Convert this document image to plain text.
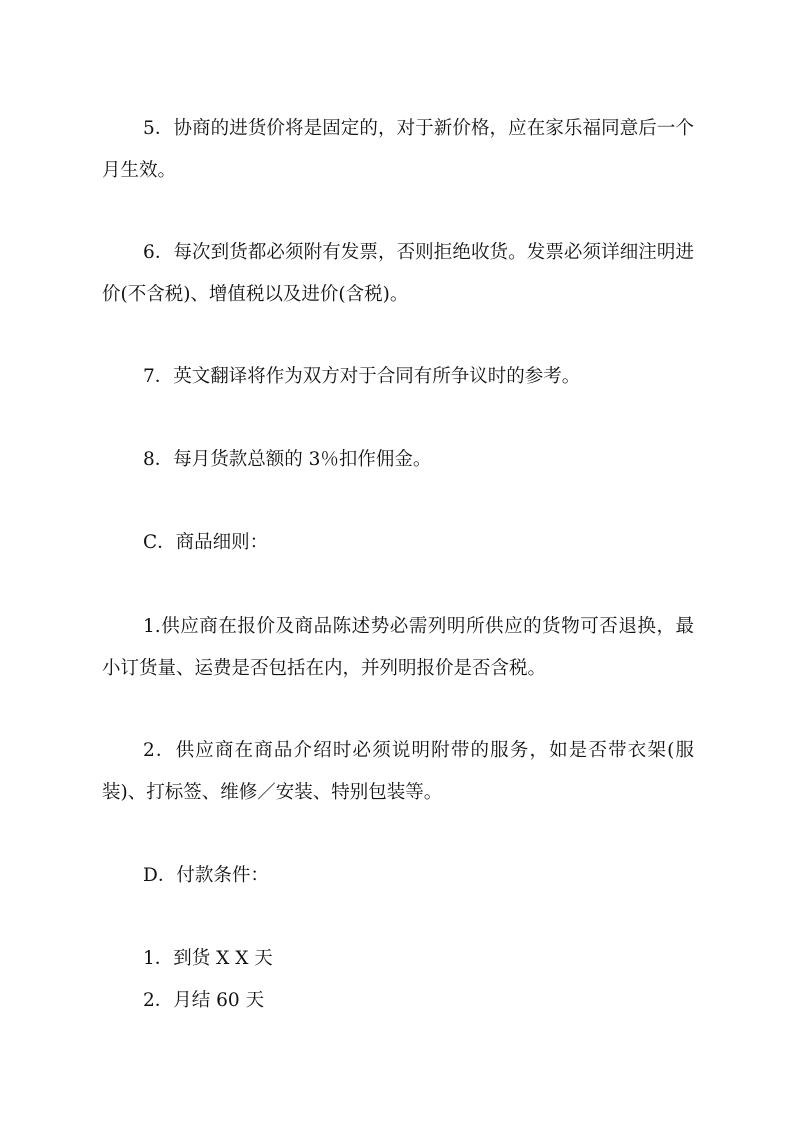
5．协商的进货价将是固定的，对于新价格，应在家乐福同意后一个月生效。

6．每次到货都必须附有发票，否则拒绝收货。发票必须详细注明进价(不含税)、增值税以及进价(含税)。

7．英文翻译将作为双方对于合同有所争议时的参考。

8．每月货款总额的 3％扣作佣金。

C．商品细则：

1.供应商在报价及商品陈述势必需列明所供应的货物可否退换，最小订货量、运费是否包括在内，并列明报价是否含税。

2．供应商在商品介绍时必须说明附带的服务，如是否带衣架(服装)、打标签、维修／安装、特别包装等。

D．付款条件：

1．到货 X X 天

2．月结 60 天
